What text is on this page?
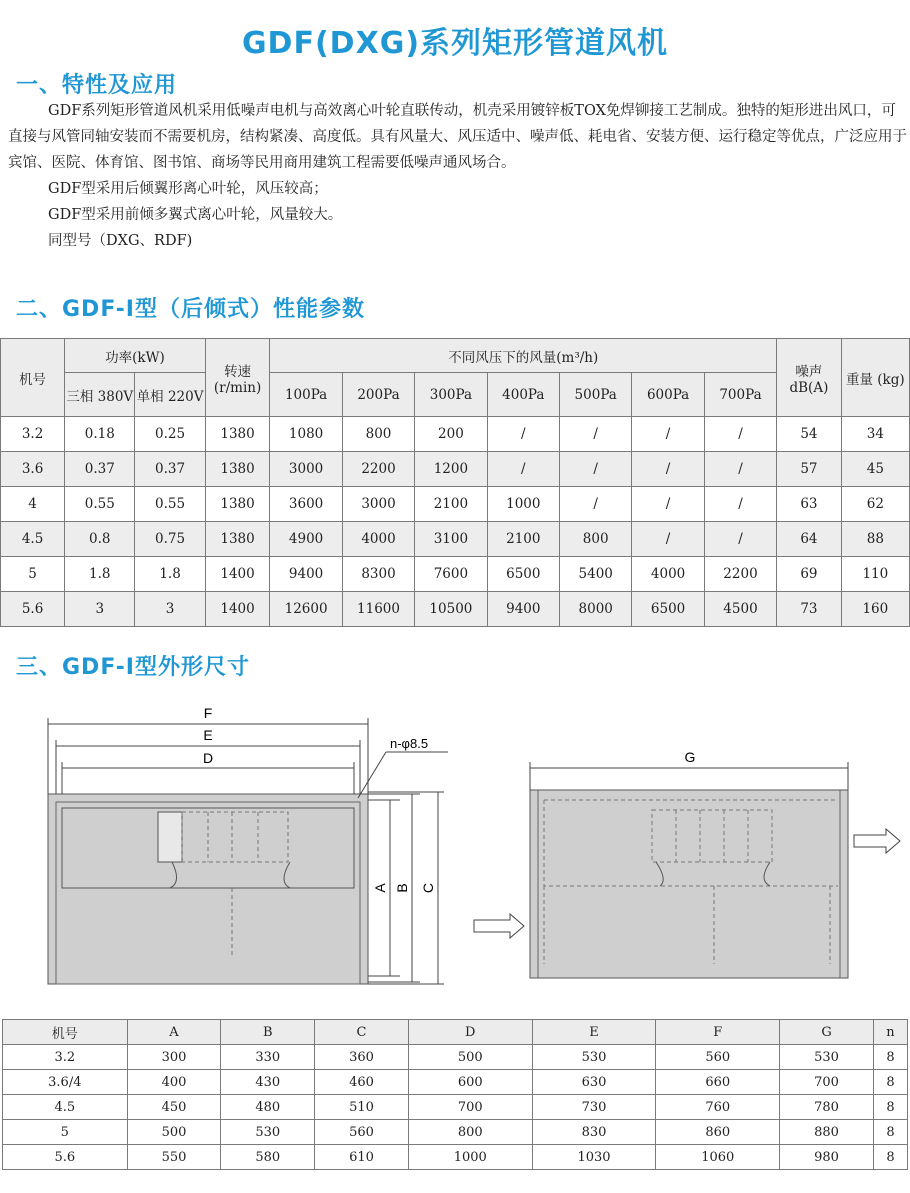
GDF(DXG)系列矩形管道风机
一、特性及应用

GDF系列矩形管道风机采用低噪声电机与高效离心叶轮直联传动，机壳采用镀锌板TOX免焊铆接工艺制成。独特的矩形进出风口，可直接与风管同轴安装而不需要机房，结构紧凑、高度低。具有风量大、风压适中、噪声低、耗电省、安装方便、运行稳定等优点，广泛应用于宾馆、医院、体育馆、图书馆、商场等民用商用建筑工程需要低噪声通风场合。

GDF型采用后倾翼形离心叶轮，风压较高；

GDF型采用前倾多翼式离心叶轮，风量较大。

同型号（DXG、RDF)

二、GDF-Ⅰ型（后倾式）性能参数
机号	功率(kW)		转速 (r/min)	不同风压下的风量(m³/h)							噪声 dB(A)	重量 (kg)
	三相 380V	单相 220V		100Pa	200Pa	300Pa	400Pa	500Pa	600Pa	700Pa		
3.2	0.18	0.25	1380	1080	800	200	/	/	/	/	54	34
3.6	0.37	0.37	1380	3000	2200	1200	/	/	/	/	57	45
4	0.55	0.55	1380	3600	3000	2100	1000	/	/	/	63	62
4.5	0.8	0.75	1380	4900	4000	3100	2100	800	/	/	64	88
5	1.8	1.8	1400	9400	8300	7600	6500	5400	4000	2200	69	110
5.6	3	3	1400	12600	11600	10500	9400	8000	6500	4500	73	160
三、GDF-Ⅰ型外形尺寸
F
E
D
n-φ8.5
A B C
G
机号	A	B	C	D	E	F	G	n
3.2	300	330	360	500	530	560	530	8
3.6/4	400	430	460	600	630	660	700	8
4.5	450	480	510	700	730	760	780	8
5	500	530	560	800	830	860	880	8
5.6	550	580	610	1000	1030	1060	980	8
